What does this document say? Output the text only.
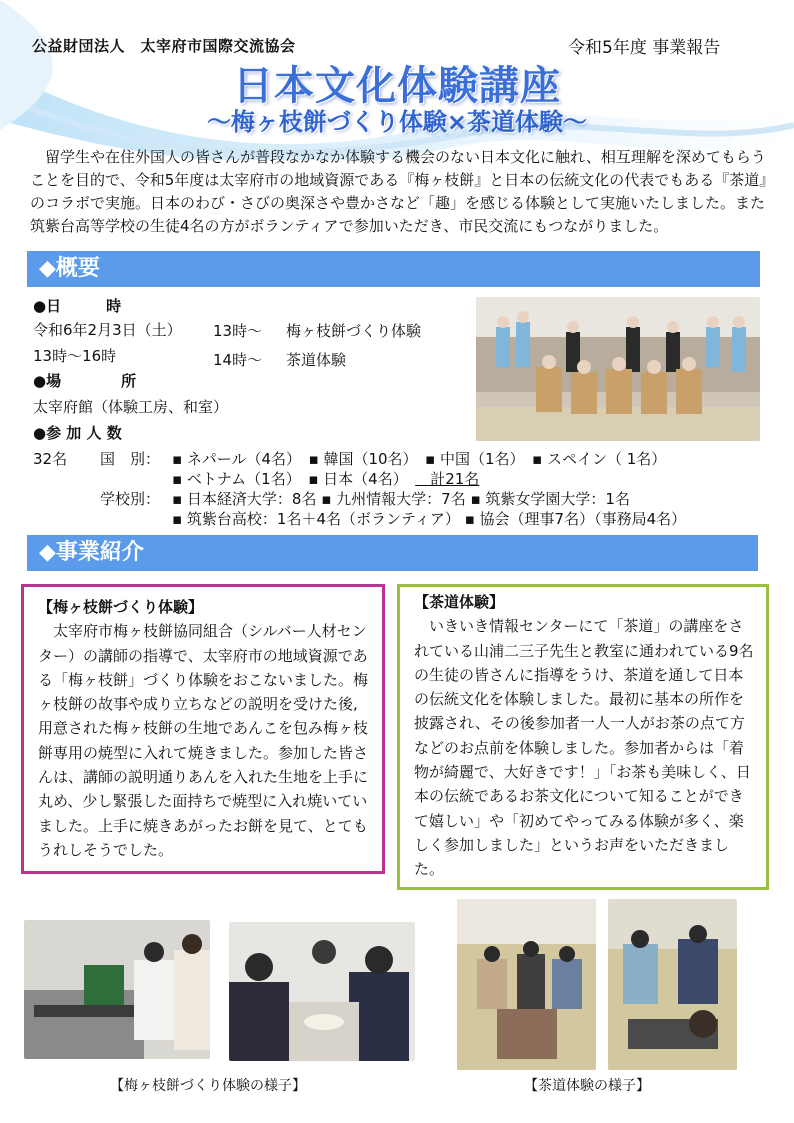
公益財団法人　太宰府市国際交流協会	令和5年度 事業報告
日本文化体験講座
～梅ヶ枝餅づくり体験×茶道体験～
留学生や在住外国人の皆さんが普段なかなか体験する機会のない日本文化に触れ、相互理解を深めてもらうことを目的で、令和5年度は太宰府市の地域資源である『梅ヶ枝餅』と日本の伝統文化の代表でもある『茶道』のコラボで実施。日本のわび・さびの奥深さや豊かさなど「趣」を感じる体験として実施いたしました。また筑紫台高等学校の生徒4名の方がボランティアで参加いただき、市民交流にもつながりました。
◆概要
●日　　　時
令和6年2月3日（土）
13時～16時
13時～ 梅ヶ枝餅づくり体験
14時～ 茶道体験
●場　　　　所
太宰府館（体験工房、和室）
●参 加 人 数
32名 国　別： ▪ ネパール（4名）　▪ 韓国（10名）　▪ 中国（1名）　▪ スペイン（ 1名）
▪ ベトナム（1名）　▪ 日本（4名）　　計21名
学校別： ▪ 日本経済大学：8名 ▪ 九州情報大学：7名 ▪ 筑紫女学園大学：1名
▪ 筑紫台高校：1名＋4名（ボランティア） ▪ 協会（理事7名）（事務局4名）
◆事業紹介
【梅ヶ枝餅づくり体験】
太宰府市梅ヶ枝餅協同組合（シルバー人材センター）の講師の指導で、太宰府市の地域資源である「梅ヶ枝餅」づくり体験をおこないました。梅ヶ枝餅の故事や成り立ちなどの説明を受けた後,用意された梅ヶ枝餅の生地であんこを包み梅ヶ枝餅専用の焼型に入れて焼きました。参加した皆さんは、講師の説明通りあんを入れた生地を上手に丸め、少し緊張した面持ちで焼型に入れ焼いていました。上手に焼きあがったお餅を見て、とてもうれしそうでした。
【茶道体験】
いきいき情報センターにて「茶道」の講座をされている山浦二三子先生と教室に通われている9名の生徒の皆さんに指導をうけ、茶道を通して日本の伝統文化を体験しました。最初に基本の所作を披露され、その後参加者一人一人がお茶の点て方などのお点前を体験しました。参加者からは「着物が綺麗で、大好きです！」「お茶も美味しく、日本の伝統であるお茶文化について知ることができて嬉しい」や「初めてやってみる体験が多く、楽しく参加しました」というお声をいただきました。
【梅ヶ枝餅づくり体験の様子】	【茶道体験の様子】
